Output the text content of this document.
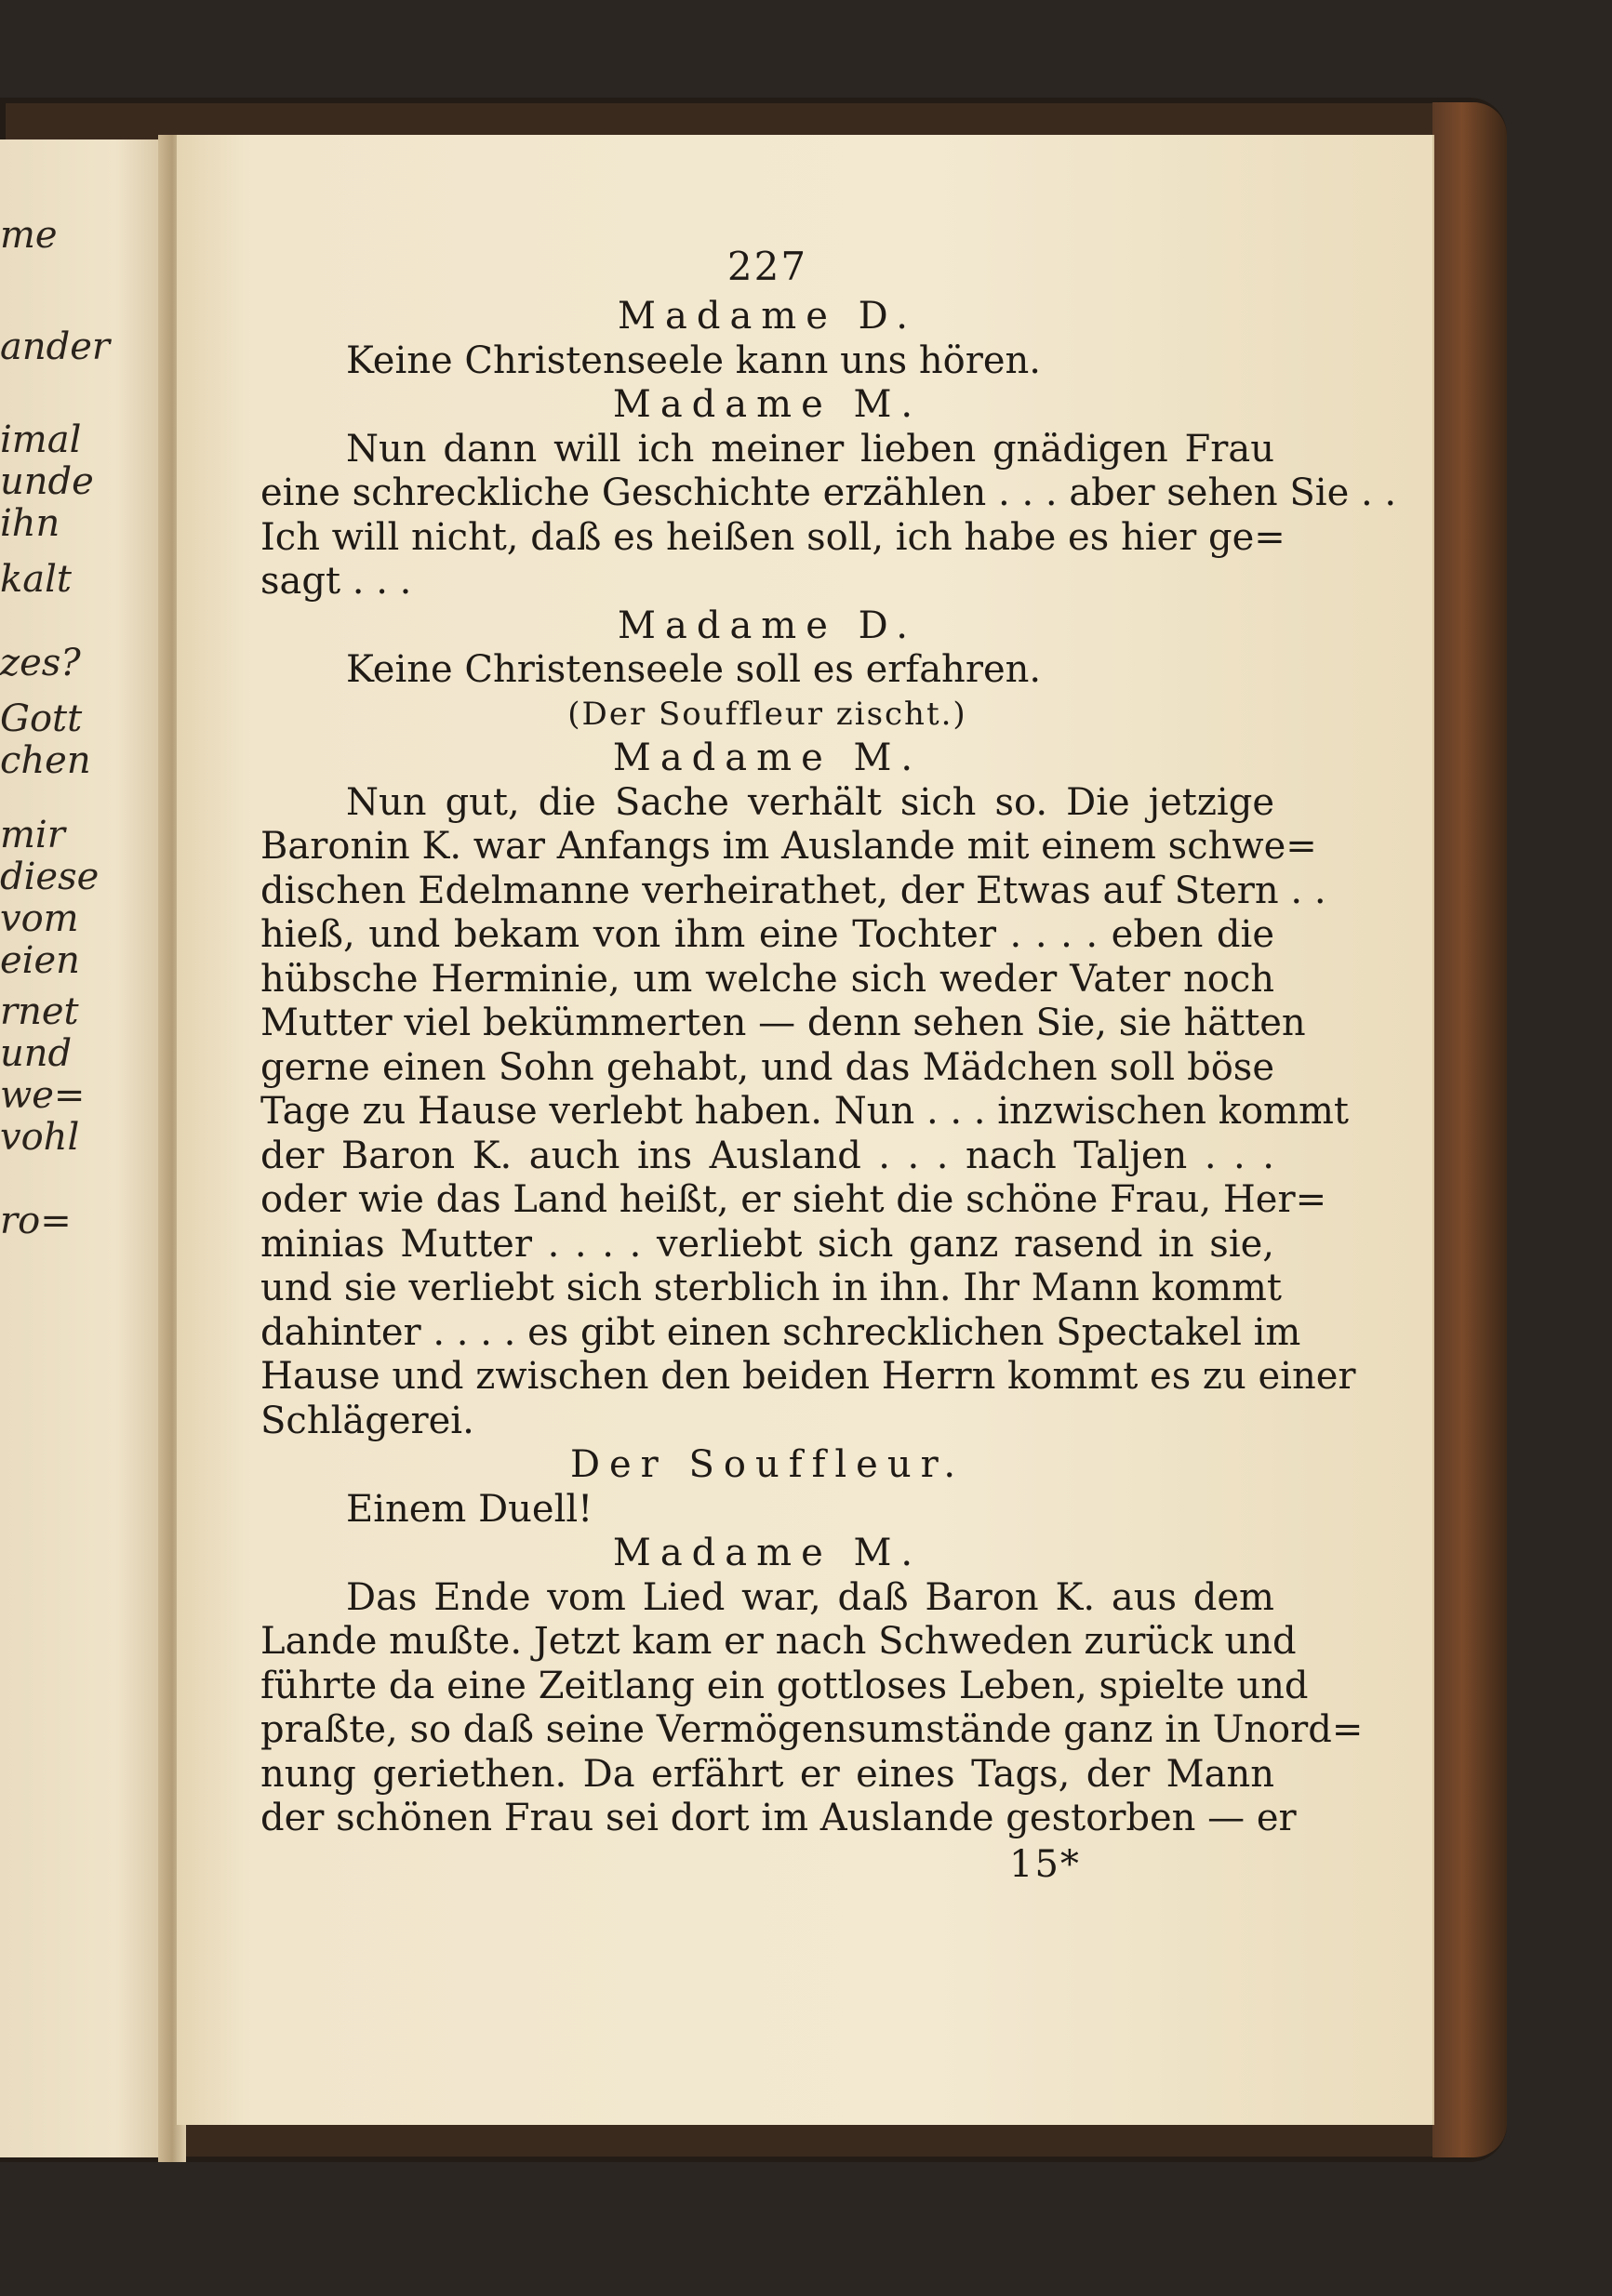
me
ander
imal
unde
ihn
kalt
zes?
Gott
chen
mir
diese
vom
eien
rnet
und
we=
vohl
ro=
227
Madame D.
Keine Christenseele kann uns hören.
Madame M.
Nun dann will ich meiner lieben gnädigen Frau
eine schreckliche Geschichte erzählen . . . aber sehen Sie . .
Ich will nicht, daß es heißen soll, ich habe es hier ge=
sagt . . .
Madame D.
Keine Christenseele soll es erfahren.
(Der Souffleur zischt.)
Madame M.
Nun gut, die Sache verhält sich so. Die jetzige
Baronin K. war Anfangs im Auslande mit einem schwe=
dischen Edelmanne verheirathet, der Etwas auf Stern . .
hieß, und bekam von ihm eine Tochter . . . . eben die
hübsche Herminie, um welche sich weder Vater noch
Mutter viel bekümmerten — denn sehen Sie, sie hätten
gerne einen Sohn gehabt, und das Mädchen soll böse
Tage zu Hause verlebt haben. Nun . . . inzwischen kommt
der Baron K. auch ins Ausland . . . nach Taljen . . .
oder wie das Land heißt, er sieht die schöne Frau, Her=
minias Mutter . . . . verliebt sich ganz rasend in sie,
und sie verliebt sich sterblich in ihn. Ihr Mann kommt
dahinter . . . . es gibt einen schrecklichen Spectakel im
Hause und zwischen den beiden Herrn kommt es zu einer
Schlägerei.
Der Souffleur.
Einem Duell!
Madame M.
Das Ende vom Lied war, daß Baron K. aus dem
Lande mußte. Jetzt kam er nach Schweden zurück und
führte da eine Zeitlang ein gottloses Leben, spielte und
praßte, so daß seine Vermögensumstände ganz in Unord=
nung geriethen. Da erfährt er eines Tags, der Mann
der schönen Frau sei dort im Auslande gestorben — er
15*
